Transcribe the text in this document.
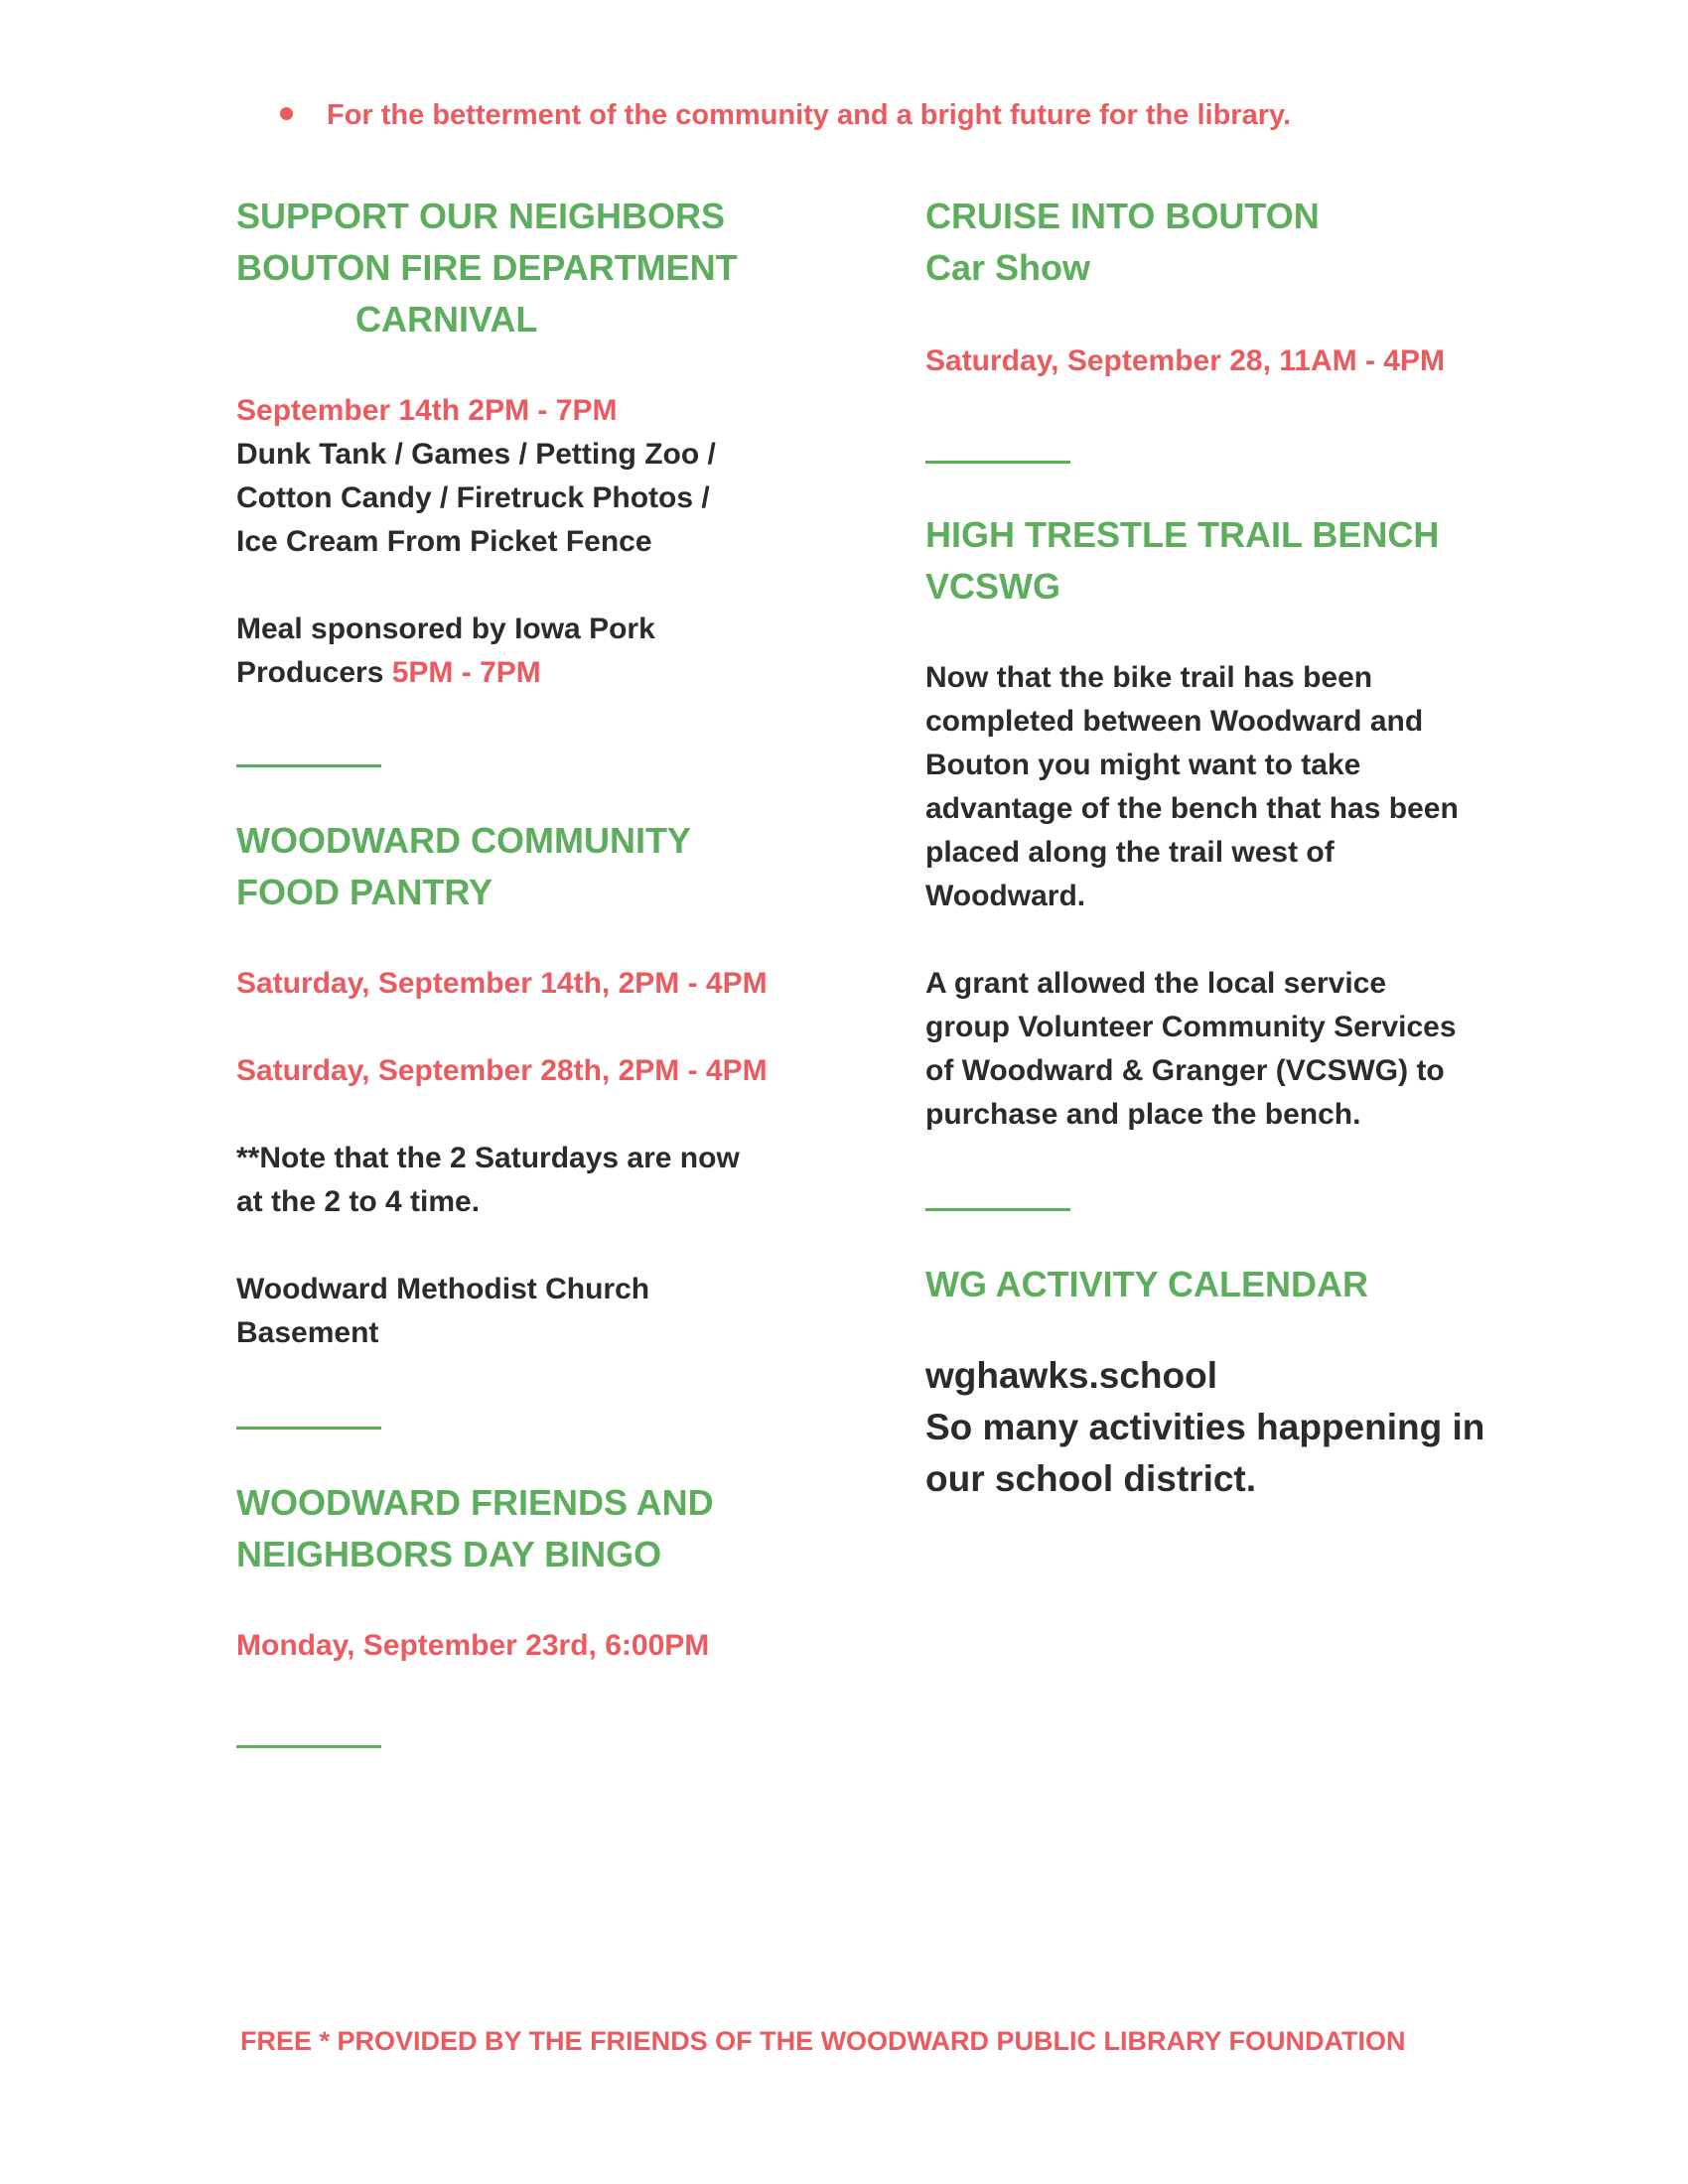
For the betterment of the community and a bright future for the library.

SUPPORT OUR NEIGHBORS

BOUTON FIRE DEPARTMENT

CARNIVAL

September 14th 2PM - 7PM

Dunk Tank / Games / Petting Zoo /

Cotton Candy / Firetruck Photos /

Ice Cream From Picket Fence

Meal sponsored by Iowa Pork

Producers 5PM - 7PM

WOODWARD COMMUNITY

FOOD PANTRY

Saturday, September 14th, 2PM - 4PM

Saturday, September 28th, 2PM - 4PM

**Note that the 2 Saturdays are now

at the 2 to 4 time.

Woodward Methodist Church

Basement

WOODWARD FRIENDS AND

NEIGHBORS DAY BINGO

Monday, September 23rd, 6:00PM

CRUISE INTO BOUTON

Car Show

Saturday, September 28, 11AM - 4PM

HIGH TRESTLE TRAIL BENCH

VCSWG

Now that the bike trail has been

completed between Woodward and

Bouton you might want to take

advantage of the bench that has been

placed along the trail west of

Woodward.

A grant allowed the local service

group Volunteer Community Services

of Woodward & Granger (VCSWG) to

purchase and place the bench.

WG ACTIVITY CALENDAR

wghawks.school

So many activities happening in

our school district.

FREE * PROVIDED BY THE FRIENDS OF THE WOODWARD PUBLIC LIBRARY FOUNDATION
